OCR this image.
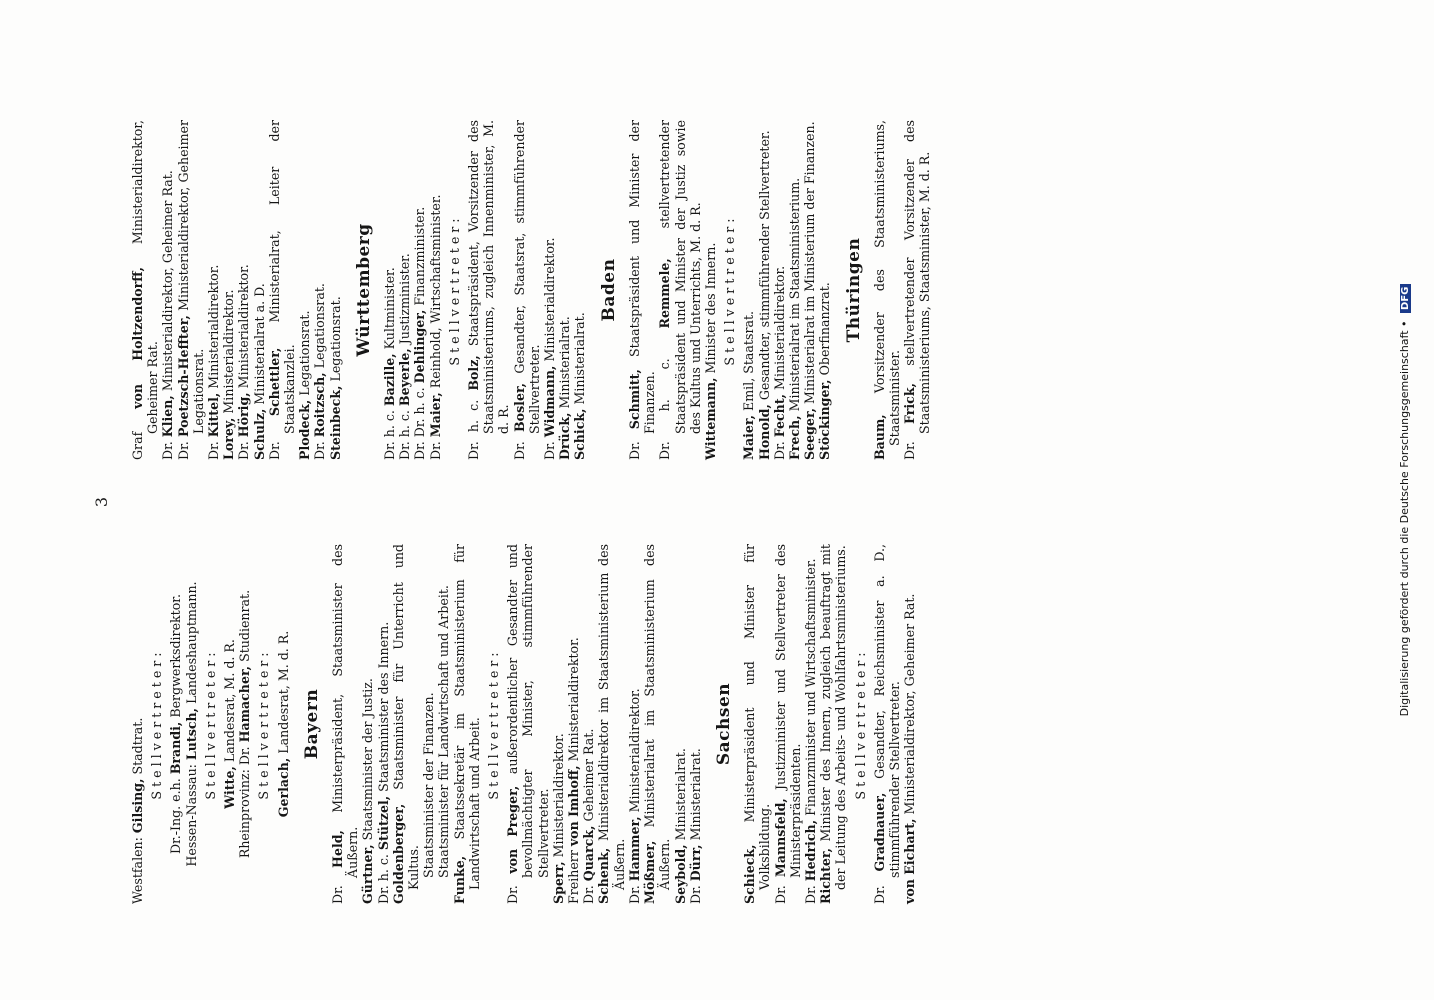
3
Westfalen: Gilsing, Stadtrat. Stellvertreter:
Dr.-Ing. e.h. Brandi, Bergwerksdirektor.
Hessen-Nassau: Lutsch, Landeshauptmann.
Stellvertreter: Witte, Landesrat, M. d. R.
Rheinprovinz: Dr. Hamacher, Studienrat.
Stellvertreter: Gerlach, Landesrat, M. d. R. Bayern
Dr. Held, Ministerpräsident, Staatsminister des Äußern. Gürtner, Staatsminister der Justiz.
Dr. h. c. Stützel, Staatsminister des Innern.
Goldenberger, Staatsminister für Unterricht und Kultus. Staatsminister der Finanzen. Staatsminister für Landwirtschaft und Arbeit.
Funke, Staatssekretär im Staatsministerium für Landwirtschaft und Arbeit. Stellvertreter:
Dr. von Preger, außerordentlicher Gesandter und bevollmächtigter Minister, stimmführender Stellvertreter.
Sperr, Ministerialdirektor.
Freiherr von Imhoff, Ministerialdirektor.
Dr. Quarck, Geheimer Rat.
Schenk, Ministerialdirektor im Staatsministerium des Äußern.
Dr. Hammer, Ministerialdirektor.
Mößmer, Ministerialrat im Staatsministerium des Äußern. Seybold, Ministerialrat.
Dr. Dürr, Ministerialrat.
Sachsen
Schieck, Ministerpräsident und Minister für Volksbildung.
Dr. Mannsfeld, Justizminister und Stellvertreter des Ministerpräsidenten.
Dr. Hedrich, Finanzminister und Wirtschaftsminister.
Richter, Minister des Innern, zugleich beauftragt mit der Leitung des Arbeits- und Wohlfahrtsministeriums. Stellvertreter:
Dr. Gradnauer, Gesandter, Reichsminister a. D., stimmführender Stellvertreter. von Eichart, Ministerialdirektor, Geheimer Rat.
Graf von Holtzendorff, Ministerialdirektor, Geheimer Rat.
Dr. Klien, Ministerialdirektor, Geheimer Rat.
Dr. Poetzsch-Heffter, Ministerialdirektor, Geheimer Legationsrat.
Dr. Kittel, Ministerialdirektor.
Lorey, Ministerialdirektor.
Dr. Hörig, Ministerialdirektor.
Schulz, Ministerialrat a. D.
Dr. Schettler, Ministerialrat, Leiter der Staatskanzlei. Plodeck, Legationsrat.
Dr. Roitzsch, Legationsrat.
Steinbeck, Legationsrat. Württemberg
Dr. h. c. Bazille, Kultminister.
Dr. h. c. Beyerle, Justizminister.
Dr. Dr. h. c. Dehlinger, Finanzminister.
Dr. Maier, Reinhold, Wirtschaftsminister. Stellvertreter:
Dr. h. c. Bolz, Staatspräsident, Vorsitzender des Staatsministeriums, zugleich Innenminister, M. d. R.
Dr. Bosler, Gesandter, Staatsrat, stimmführender Stellvertreter.
Dr. Widmann, Ministerialdirektor.
Drück, Ministerialrat.
Schick, Ministerialrat.
Baden
Dr. Schmitt, Staatspräsident und Minister der Finanzen. Dr. h. c. Remmele, stellvertretender Staatspräsident und Minister der Justiz sowie des Kultus und Unterrichts, M. d. R. Wittemann, Minister des Innern. Stellvertreter:
Maier, Emil, Staatsrat.
Honold, Gesandter, stimmführender Stellvertreter.
Dr. Fecht, Ministerialdirektor.
Frech, Ministerialrat im Staatsministerium.
Seeger, Ministerialrat im Ministerium der Finanzen.
Stöckinger, Oberfinanzrat. Thüringen
Baum, Vorsitzender des Staatsministeriums, Staatsminister. Dr. Frick, stellvertretender Vorsitzender des Staatsministeriums, Staatsminister, M. d. R.
Digitalisierung gefördert durch die Deutsche Forschungsgemeinschaft • DFG
